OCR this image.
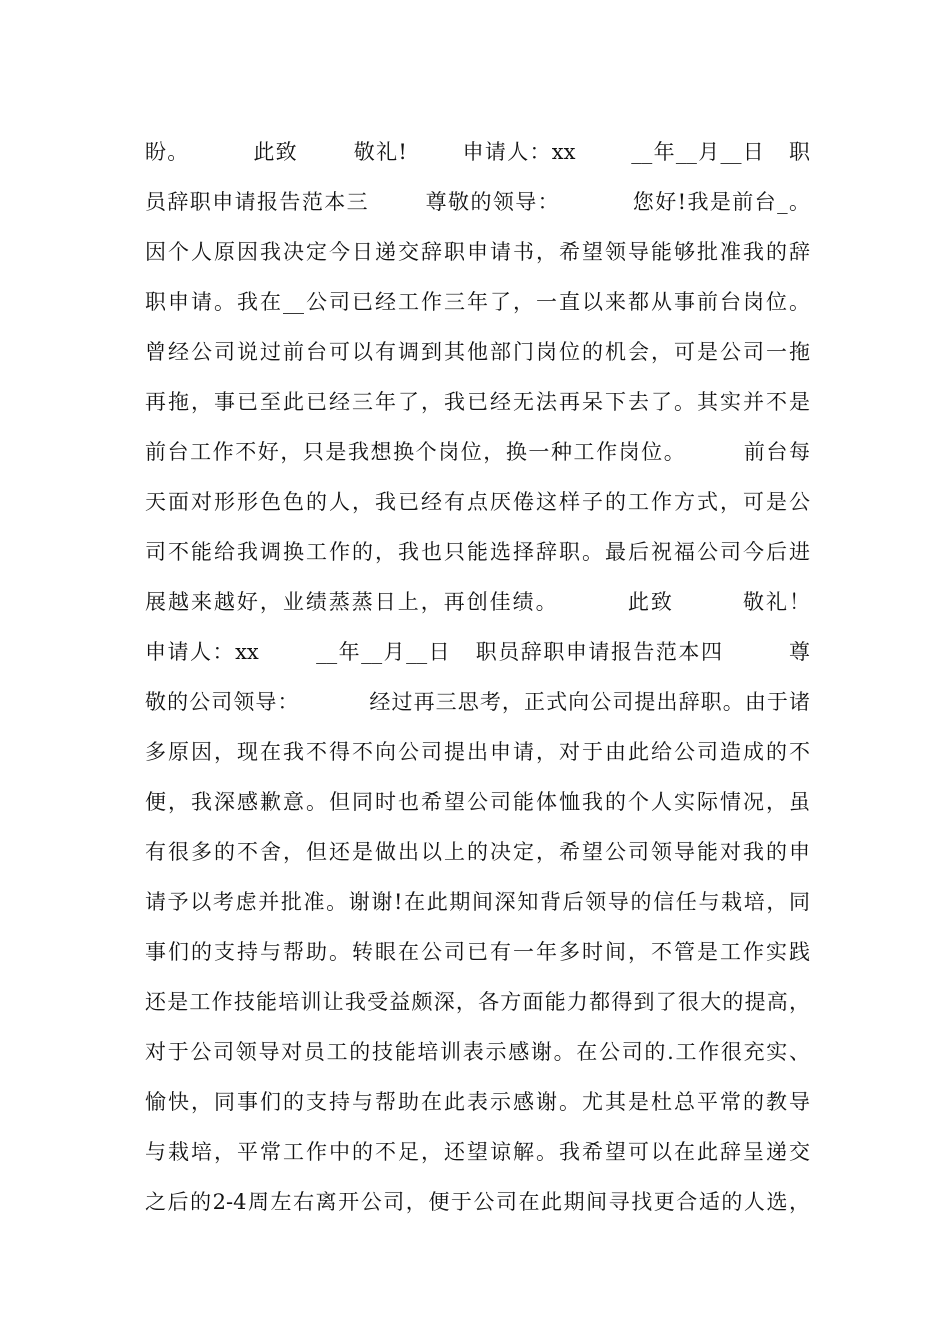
盼。        此致       敬礼!       申请人：xx       __年__月__日   职
员辞职申请报告范本三       尊敬的领导：         您好!我是前台_。
因个人原因我决定今日递交辞职申请书，希望领导能够批准我的辞
职申请。我在__公司已经工作三年了，一直以来都从事前台岗位。
曾经公司说过前台可以有调到其他部门岗位的机会，可是公司一拖
再拖，事已至此已经三年了，我已经无法再呆下去了。其实并不是
前台工作不好，只是我想换个岗位，换一种工作岗位。       前台每
天面对形形色色的人，我已经有点厌倦这样子的工作方式，可是公
司不能给我调换工作的，我也只能选择辞职。最后祝福公司今后进
展越来越好，业绩蒸蒸日上，再创佳绩。        此致        敬礼！
申请人：xx       __年__月__日   职员辞职申请报告范本四        尊
敬的公司领导：         经过再三思考，正式向公司提出辞职。由于诸
多原因，现在我不得不向公司提出申请，对于由此给公司造成的不
便，我深感歉意。但同时也希望公司能体恤我的个人实际情况，虽
有很多的不舍，但还是做出以上的决定，希望公司领导能对我的申
请予以考虑并批准。谢谢!在此期间深知背后领导的信任与栽培，同
事们的支持与帮助。转眼在公司已有一年多时间，不管是工作实践
还是工作技能培训让我受益颇深，各方面能力都得到了很大的提高，
对于公司领导对员工的技能培训表示感谢。在公司的.工作很充实、
愉快，同事们的支持与帮助在此表示感谢。尤其是杜总平常的教导
与栽培，平常工作中的不足，还望谅解。我希望可以在此辞呈递交
之后的2-4周左右离开公司，便于公司在此期间寻找更合适的人选，
